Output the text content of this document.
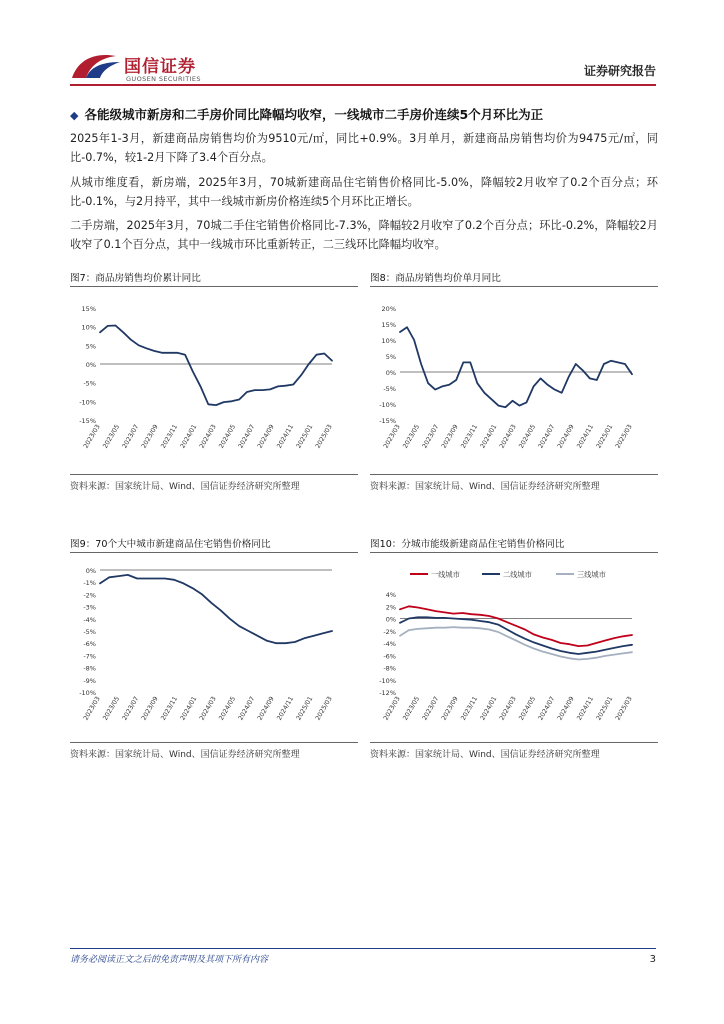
国信证券
GUOSEN SECURITIES
证券研究报告
◆ 各能级城市新房和二手房价同比降幅均收窄，一线城市二手房价连续5个月环比为正
2025年1-3月，新建商品房销售均价为9510元/㎡，同比+0.9%。3月单月，新建商品房销售均价为9475元/㎡，同比-0.7%，较1-2月下降了3.4个百分点。
从城市维度看，新房端，2025年3月，70城新建商品住宅销售价格同比-5.0%，降幅较2月收窄了0.2个百分点；环比-0.1%，与2月持平，其中一线城市新房价格连续5个月环比正增长。
二手房端，2025年3月，70城二手住宅销售价格同比-7.3%，降幅较2月收窄了0.2个百分点；环比-0.2%，降幅较2月收窄了0.1个百分点，其中一线城市环比重新转正，二三线环比降幅均收窄。
图7：商品房销售均价累计同比
15%
10%
5%
0%
-5%
-10%
-15%
2023/03 2023/05 2023/07 2023/09 2023/11 2024/01 2024/03 2024/05 2024/07 2024/09 2024/11 2025/01 2025/03
资料来源：国家统计局、Wind、国信证券经济研究所整理
图8：商品房销售均价单月同比
20%
15%
10%
5%
0%
-5%
-10%
-15%
2023/03 2023/05 2023/07 2023/09 2023/11 2024/01 2024/03 2024/05 2024/07 2024/09 2024/11 2025/01 2025/03
资料来源：国家统计局、Wind、国信证券经济研究所整理
图9：70个大中城市新建商品住宅销售价格同比
0%
-1%
-2%
-3%
-4%
-5%
-6%
-7%
-8%
-9%
-10%
2023/03 2023/05 2023/07 2023/09 2023/11 2024/01 2024/03 2024/05 2024/07 2024/09 2024/11 2025/01 2025/03
资料来源：国家统计局、Wind、国信证券经济研究所整理
图10：分城市能级新建商品住宅销售价格同比
4%
2%
0%
-2%
-4%
-6%
-8%
-10%
-12%
2023/03 2023/05 2023/07 2023/09 2023/11 2024/01 2024/03 2024/05 2024/07 2024/09 2024/11 2025/01 2025/03
一线城市	二线城市	三线城市
资料来源：国家统计局、Wind、国信证券经济研究所整理
请务必阅读正文之后的免责声明及其项下所有内容	3
